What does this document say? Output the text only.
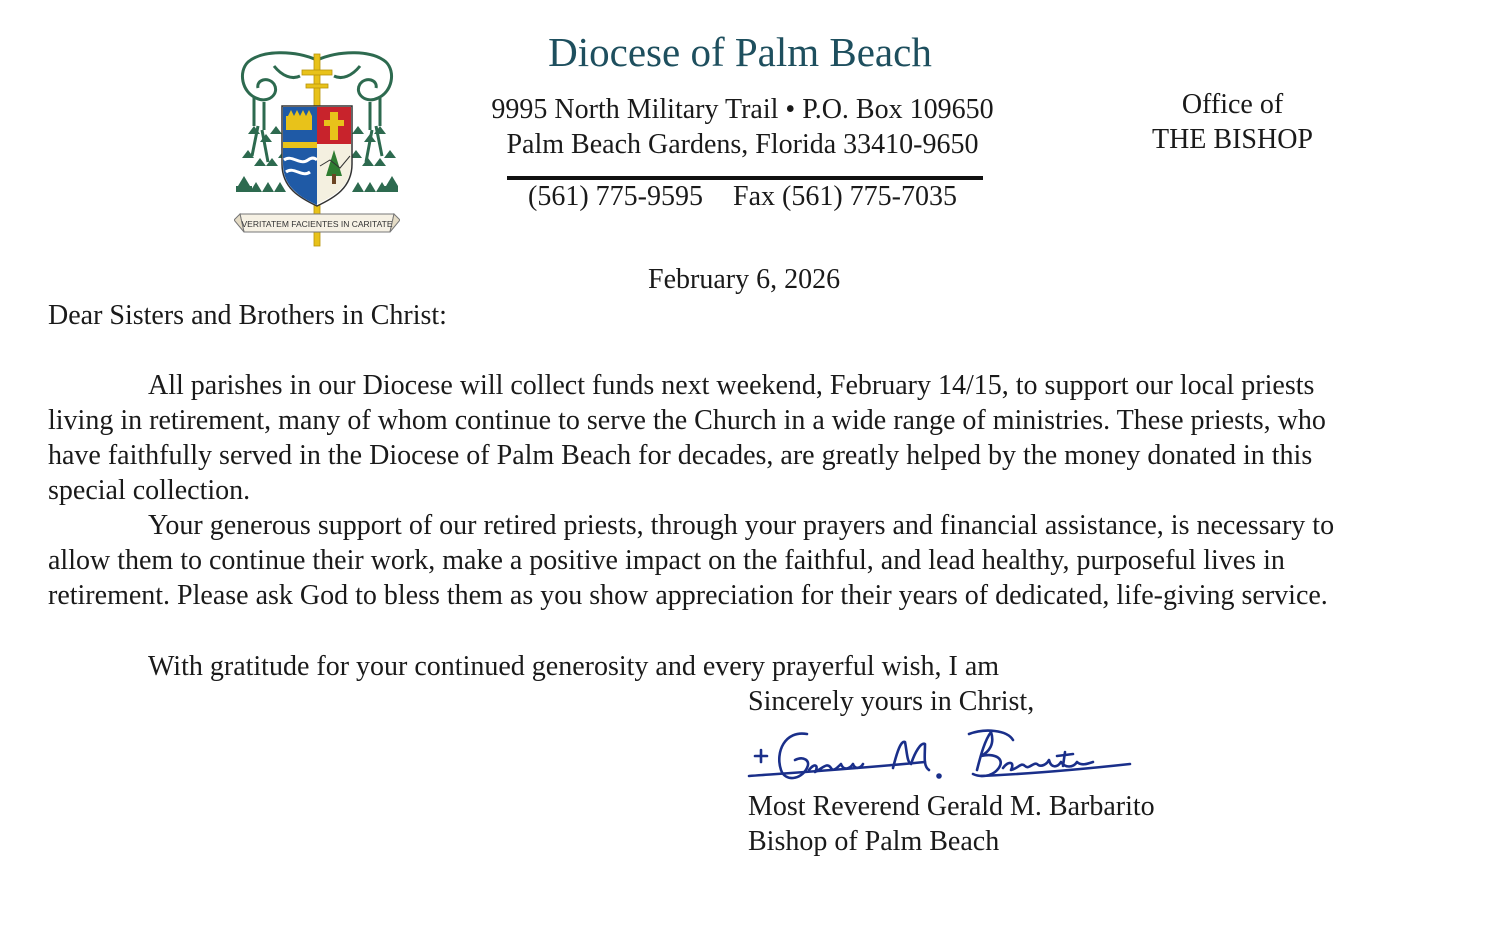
VERITATEM FACIENTES IN CARITATE
Diocese of Palm Beach
9995 North Military Trail • P.O. Box 109650
Palm Beach Gardens, Florida 33410-9650
(561) 775-9595 Fax (561) 775-7035
Office of
THE BISHOP
February 6, 2026
Dear Sisters and Brothers in Christ:
All parishes in our Diocese will collect funds next weekend, February 14/15, to support our local priests
living in retirement, many of whom continue to serve the Church in a wide range of ministries. These priests, who
have faithfully served in the Diocese of Palm Beach for decades, are greatly helped by the money donated in this
special collection.
Your generous support of our retired priests, through your prayers and financial assistance, is necessary to
allow them to continue their work, make a positive impact on the faithful, and lead healthy, purposeful lives in
retirement. Please ask God to bless them as you show appreciation for their years of dedicated, life-giving service.
With gratitude for your continued generosity and every prayerful wish, I am
Sincerely yours in Christ,
Most Reverend Gerald M. Barbarito
Bishop of Palm Beach
